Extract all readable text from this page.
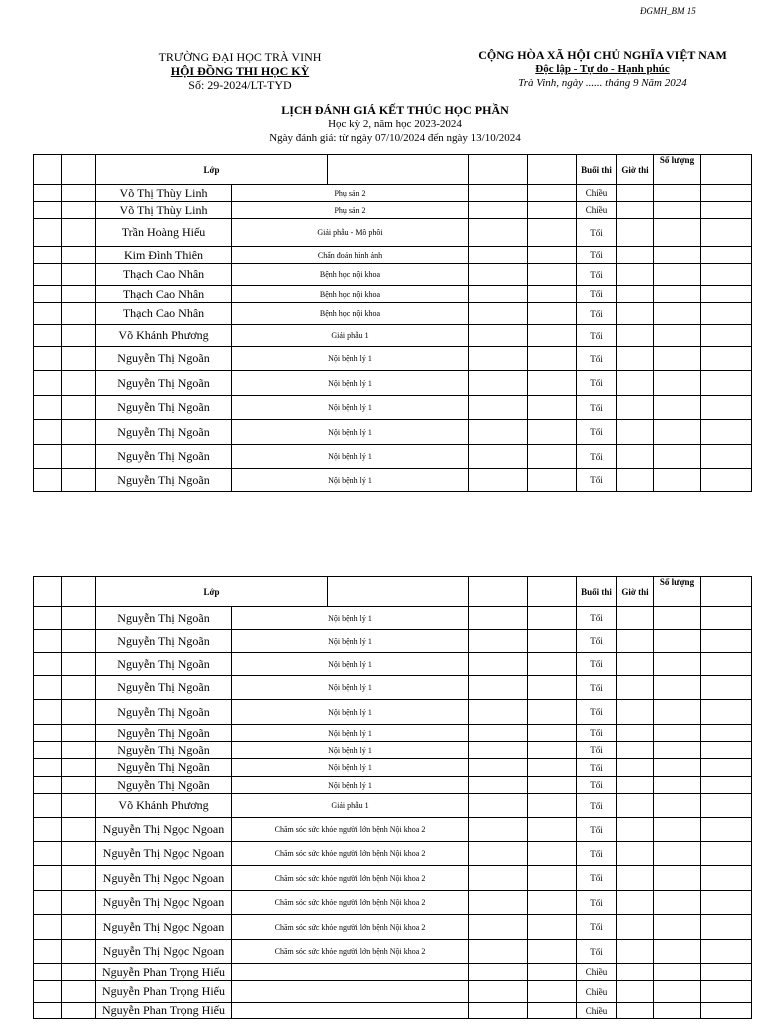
ĐGMH_BM 15
TRƯỜNG ĐẠI HỌC TRÀ VINH
HỘI ĐỒNG THI HỌC KỲ
Số: 29-2024/LT-TYD
CỘNG HÒA XÃ HỘI CHỦ NGHĨA VIỆT NAM
Độc lập - Tự do - Hạnh phúc
Trà Vinh, ngày ...... tháng 9 Năm 2024
LỊCH ĐÁNH GIÁ KẾT THÚC HỌC PHẦN
Học kỳ 2, năm học 2023-2024
Ngày đánh giá: từ ngày 07/10/2024 đến ngày 13/10/2024
		Lớp					Buổi thi	Giờ thi	Số lượng	
		Võ Thị Thùy Linh	Phụ sản 2				Chiều			
		Võ Thị Thùy Linh	Phụ sản 2				Chiều			
		Trần Hoàng Hiếu	Giải phẫu - Mô phôi				Tối			
		Kim Đình Thiên	Chẩn đoán hình ảnh				Tối			
		Thạch Cao Nhân	Bệnh học nội khoa				Tối			
		Thạch Cao Nhân	Bệnh học nội khoa				Tối			
		Thạch Cao Nhân	Bệnh học nội khoa				Tối			
		Võ Khánh Phương	Giải phẫu 1				Tối			
		Nguyễn Thị Ngoãn	Nội bệnh lý 1				Tối			
		Nguyễn Thị Ngoãn	Nội bệnh lý 1				Tối			
		Nguyễn Thị Ngoãn	Nội bệnh lý 1				Tối			
		Nguyễn Thị Ngoãn	Nội bệnh lý 1				Tối			
		Nguyễn Thị Ngoãn	Nội bệnh lý 1				Tối			
		Nguyễn Thị Ngoãn	Nội bệnh lý 1				Tối			
		Lớp					Buổi thi	Giờ thi	Số lượng	
		Nguyễn Thị Ngoãn	Nội bệnh lý 1				Tối			
		Nguyễn Thị Ngoãn	Nội bệnh lý 1				Tối			
		Nguyễn Thị Ngoãn	Nội bệnh lý 1				Tối			
		Nguyễn Thị Ngoãn	Nội bệnh lý 1				Tối			
		Nguyễn Thị Ngoãn	Nội bệnh lý 1				Tối			
		Nguyễn Thị Ngoãn	Nội bệnh lý 1				Tối			
		Nguyễn Thị Ngoãn	Nội bệnh lý 1				Tối			
		Nguyễn Thị Ngoãn	Nội bệnh lý 1				Tối			
		Nguyễn Thị Ngoãn	Nội bệnh lý 1				Tối			
		Võ Khánh Phương	Giải phẫu 1				Tối			
		Nguyễn Thị Ngọc Ngoan	Chăm sóc sức khỏe người lớn bệnh Nội khoa 2				Tối			
		Nguyễn Thị Ngọc Ngoan	Chăm sóc sức khỏe người lớn bệnh Nội khoa 2				Tối			
		Nguyễn Thị Ngọc Ngoan	Chăm sóc sức khỏe người lớn bệnh Nội khoa 2				Tối			
		Nguyễn Thị Ngọc Ngoan	Chăm sóc sức khỏe người lớn bệnh Nội khoa 2				Tối			
		Nguyễn Thị Ngọc Ngoan	Chăm sóc sức khỏe người lớn bệnh Nội khoa 2				Tối			
		Nguyễn Thị Ngọc Ngoan	Chăm sóc sức khỏe người lớn bệnh Nội khoa 2				Tối			
		Nguyễn Phan Trọng Hiếu					Chiều			
		Nguyễn Phan Trọng Hiếu					Chiều			
		Nguyễn Phan Trọng Hiếu					Chiều			
